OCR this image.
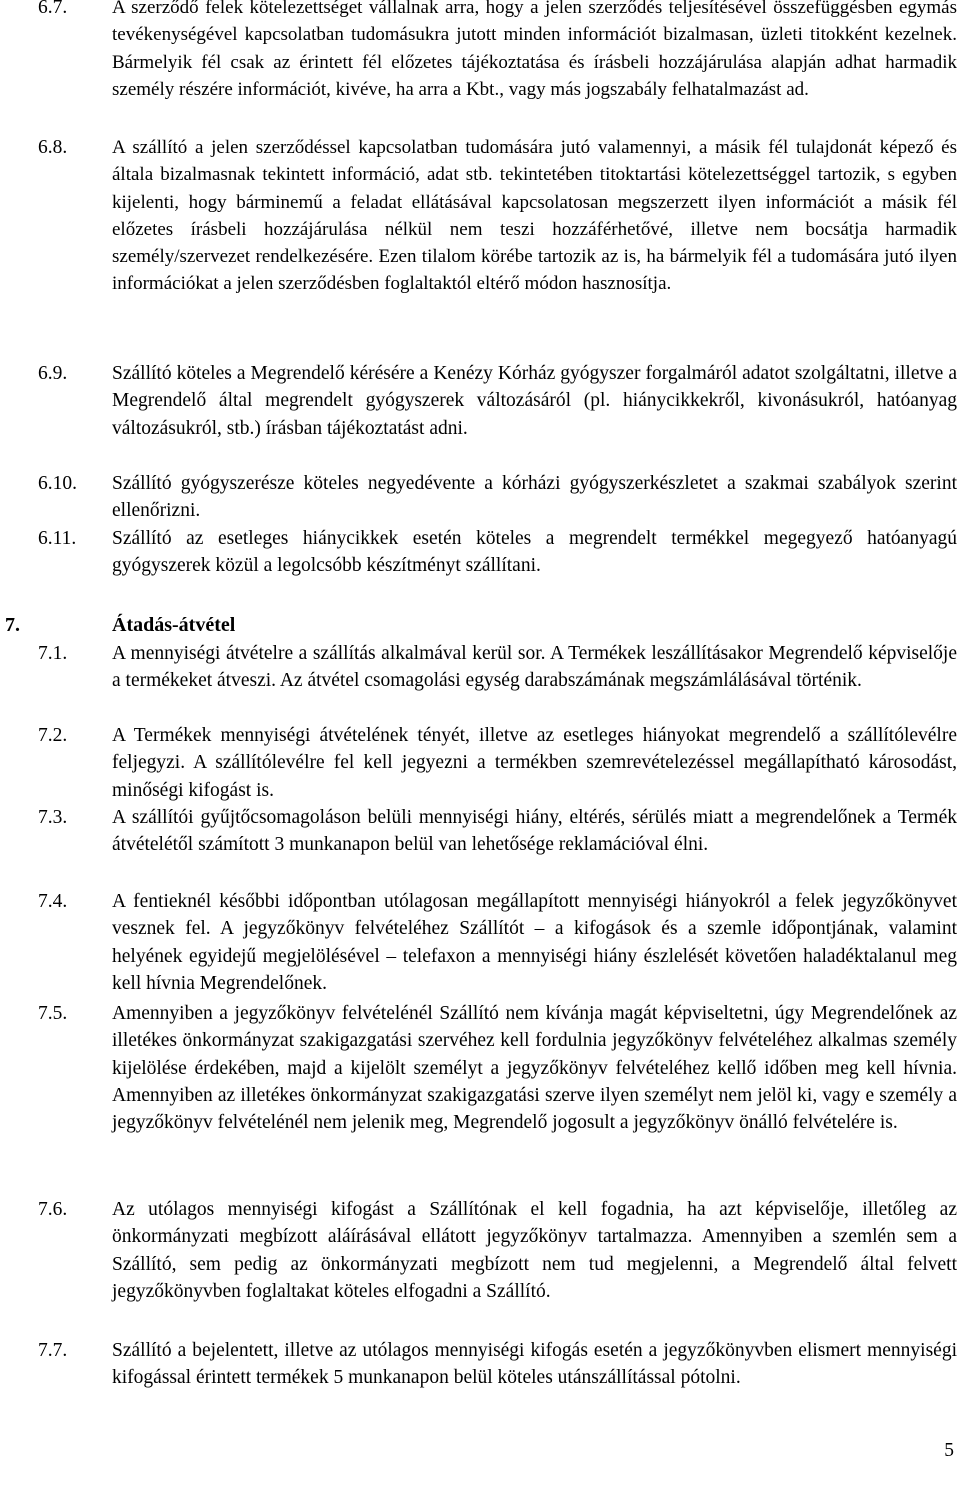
6.7. A szerződő felek kötelezettséget vállalnak arra, hogy a jelen szerződés teljesítésével összefüggésben egymás tevékenységével kapcsolatban tudomásukra jutott minden információt bizalmasan, üzleti titokként kezelnek. Bármelyik fél csak az érintett fél előzetes tájékoztatása és írásbeli hozzájárulása alapján adhat harmadik személy részére információt, kivéve, ha arra a Kbt., vagy más jogszabály felhatalmazást ad.

6.8. A szállító a jelen szerződéssel kapcsolatban tudomására jutó valamennyi, a másik fél tulajdonát képező és általa bizalmasnak tekintett információ, adat stb. tekintetében titoktartási kötelezettséggel tartozik, s egyben kijelenti, hogy bárminemű a feladat ellátásával kapcsolatosan megszerzett ilyen információt a másik fél előzetes írásbeli hozzájárulása nélkül nem teszi hozzáférhetővé, illetve nem bocsátja harmadik személy/szervezet rendelkezésére. Ezen tilalom körébe tartozik az is, ha bármelyik fél a tudomására jutó ilyen információkat a jelen szerződésben foglaltaktól eltérő módon hasznosítja.

6.9. Szállító köteles a Megrendelő kérésére a Kenézy Kórház gyógyszer forgalmáról adatot szolgáltatni, illetve a Megrendelő által megrendelt gyógyszerek változásáról (pl. hiánycikkekről, kivonásukról, hatóanyag változásukról, stb.) írásban tájékoztatást adni.

6.10. Szállító gyógyszerésze köteles negyedévente a kórházi gyógyszerkészletet a szakmai szabályok szerint ellenőrizni.

6.11. Szállító az esetleges hiánycikkek esetén köteles a megrendelt termékkel megegyező hatóanyagú gyógyszerek közül a legolcsóbb készítményt szállítani.

7.	Átadás-átvétel
7.1. A mennyiségi átvételre a szállítás alkalmával kerül sor. A Termékek leszállításakor Megrendelő képviselője a termékeket átveszi. Az átvétel csomagolási egység darabszámának megszámlálásával történik.

7.2. A Termékek mennyiségi átvételének tényét, illetve az esetleges hiányokat megrendelő a szállítólevélre feljegyzi. A szállítólevélre fel kell jegyezni a termékben szemrevételezéssel megállapítható károsodást, minőségi kifogást is.

7.3. A szállítói gyűjtőcsomagoláson belüli mennyiségi hiány, eltérés, sérülés miatt a megrendelőnek a Termék átvételétől számított 3 munkanapon belül van lehetősége reklamációval élni.

7.4. A fentieknél későbbi időpontban utólagosan megállapított mennyiségi hiányokról a felek jegyzőkönyvet vesznek fel. A jegyzőkönyv felvételéhez Szállítót – a kifogások és a szemle időpontjának, valamint helyének egyidejű megjelölésével – telefaxon a mennyiségi hiány észlelését követően haladéktalanul meg kell hívnia Megrendelőnek.

7.5. Amennyiben a jegyzőkönyv felvételénél Szállító nem kívánja magát képviseltetni, úgy Megrendelőnek az illetékes önkormányzat szakigazgatási szervéhez kell fordulnia jegyzőkönyv felvételéhez alkalmas személy kijelölése érdekében, majd a kijelölt személyt a jegyzőkönyv felvételéhez kellő időben meg kell hívnia. Amennyiben az illetékes önkormányzat szakigazgatási szerve ilyen személyt nem jelöl ki, vagy e személy a jegyzőkönyv felvételénél nem jelenik meg, Megrendelő jogosult a jegyzőkönyv önálló felvételére is.

7.6. Az utólagos mennyiségi kifogást a Szállítónak el kell fogadnia, ha azt képviselője, illetőleg az önkormányzati megbízott aláírásával ellátott jegyzőkönyv tartalmazza. Amennyiben a szemlén sem a Szállító, sem pedig az önkormányzati megbízott nem tud megjelenni, a Megrendelő által felvett jegyzőkönyvben foglaltakat köteles elfogadni a Szállító.

7.7. Szállító a bejelentett, illetve az utólagos mennyiségi kifogás esetén a jegyzőkönyvben elismert mennyiségi kifogással érintett termékek 5 munkanapon belül köteles utánszállítással pótolni.

5
